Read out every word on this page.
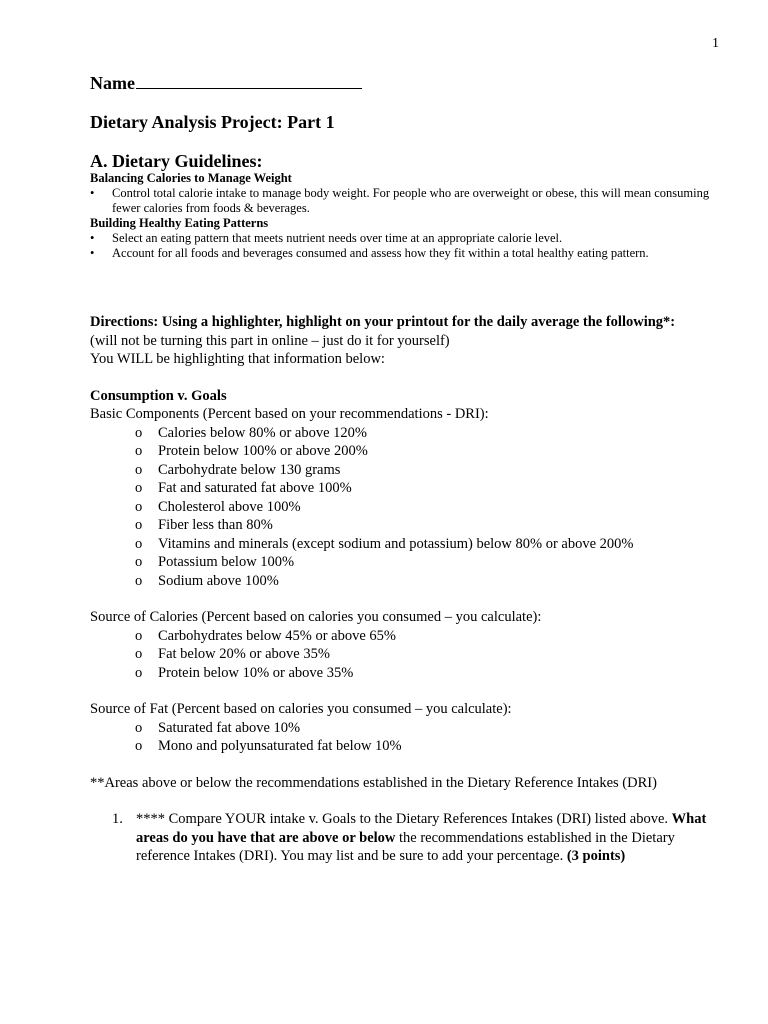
1

Name

Dietary Analysis Project: Part 1

A. Dietary Guidelines:

Balancing Calories to Manage Weight

• Control total calorie intake to manage body weight. For people who are overweight or obese, this will mean consuming fewer calories from foods & beverages.

Building Healthy Eating Patterns

• Select an eating pattern that meets nutrient needs over time at an appropriate calorie level.
• Account for all foods and beverages consumed and assess how they fit within a total healthy eating pattern.
Directions: Using a highlighter, highlight on your printout for the daily average the following*:
(will not be turning this part in online – just do it for yourself)
You WILL be highlighting that information below:
Consumption v. Goals
Basic Components (Percent based on your recommendations - DRI):
o Calories below 80% or above 120%
o Protein below 100% or above 200%
o Carbohydrate below 130 grams
o Fat and saturated fat above 100%
o Cholesterol above 100%
o Fiber less than 80%
o Vitamins and minerals (except sodium and potassium) below 80% or above 200%
o Potassium below 100%
o Sodium above 100%
Source of Calories (Percent based on calories you consumed – you calculate):
o Carbohydrates below 45% or above 65%
o Fat below 20% or above 35%
o Protein below 10% or above 35%
Source of Fat (Percent based on calories you consumed – you calculate):
o Saturated fat above 10%
o Mono and polyunsaturated fat below 10%
**Areas above or below the recommendations established in the Dietary Reference Intakes (DRI)
1. **** Compare YOUR intake v. Goals to the Dietary References Intakes (DRI) listed above. What areas do you have that are above or below the recommendations established in the Dietary reference Intakes (DRI). You may list and be sure to add your percentage. (3 points)
